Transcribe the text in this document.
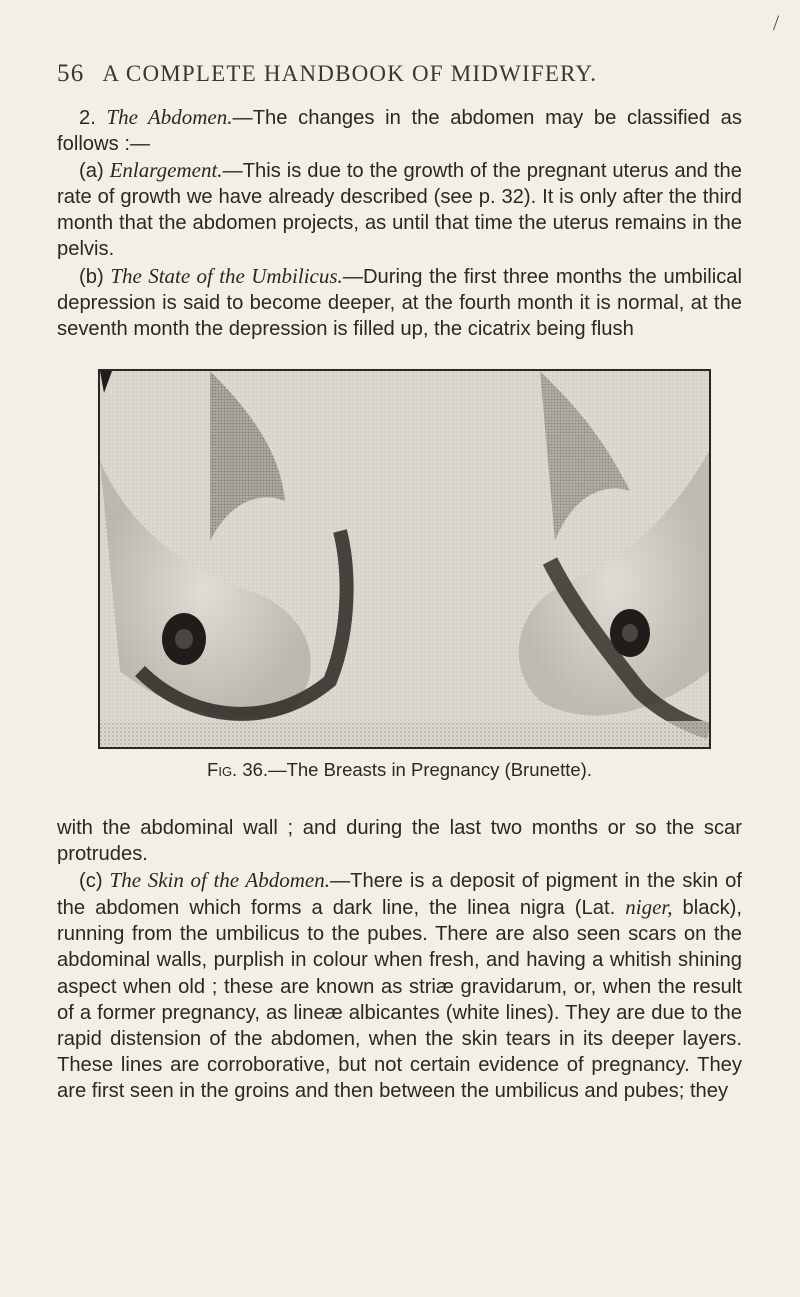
/
56 A COMPLETE HANDBOOK OF MIDWIFERY.

2. The Abdomen.—The changes in the abdomen may be classified as follows :—

(a) Enlargement.—This is due to the growth of the pregnant uterus and the rate of growth we have already described (see p. 32). It is only after the third month that the abdomen projects, as until that time the uterus remains in the pelvis.

(b) The State of the Umbilicus.—During the first three months the umbilical depression is said to become deeper, at the fourth month it is normal, at the seventh month the depression is filled up, the cicatrix being flush

Fig. 36.—The Breasts in Pregnancy (Brunette).

with the abdominal wall ; and during the last two months or so the scar protrudes.

(c) The Skin of the Abdomen.—There is a deposit of pigment in the skin of the abdomen which forms a dark line, the linea nigra (Lat. niger, black), running from the umbilicus to the pubes. There are also seen scars on the abdominal walls, purplish in colour when fresh, and having a whitish shining aspect when old ; these are known as striæ gravidarum, or, when the result of a former pregnancy, as lineæ albicantes (white lines). They are due to the rapid distension of the abdomen, when the skin tears in its deeper layers. These lines are corroborative, but not certain evidence of pregnancy. They are first seen in the groins and then between the umbilicus and pubes; they
